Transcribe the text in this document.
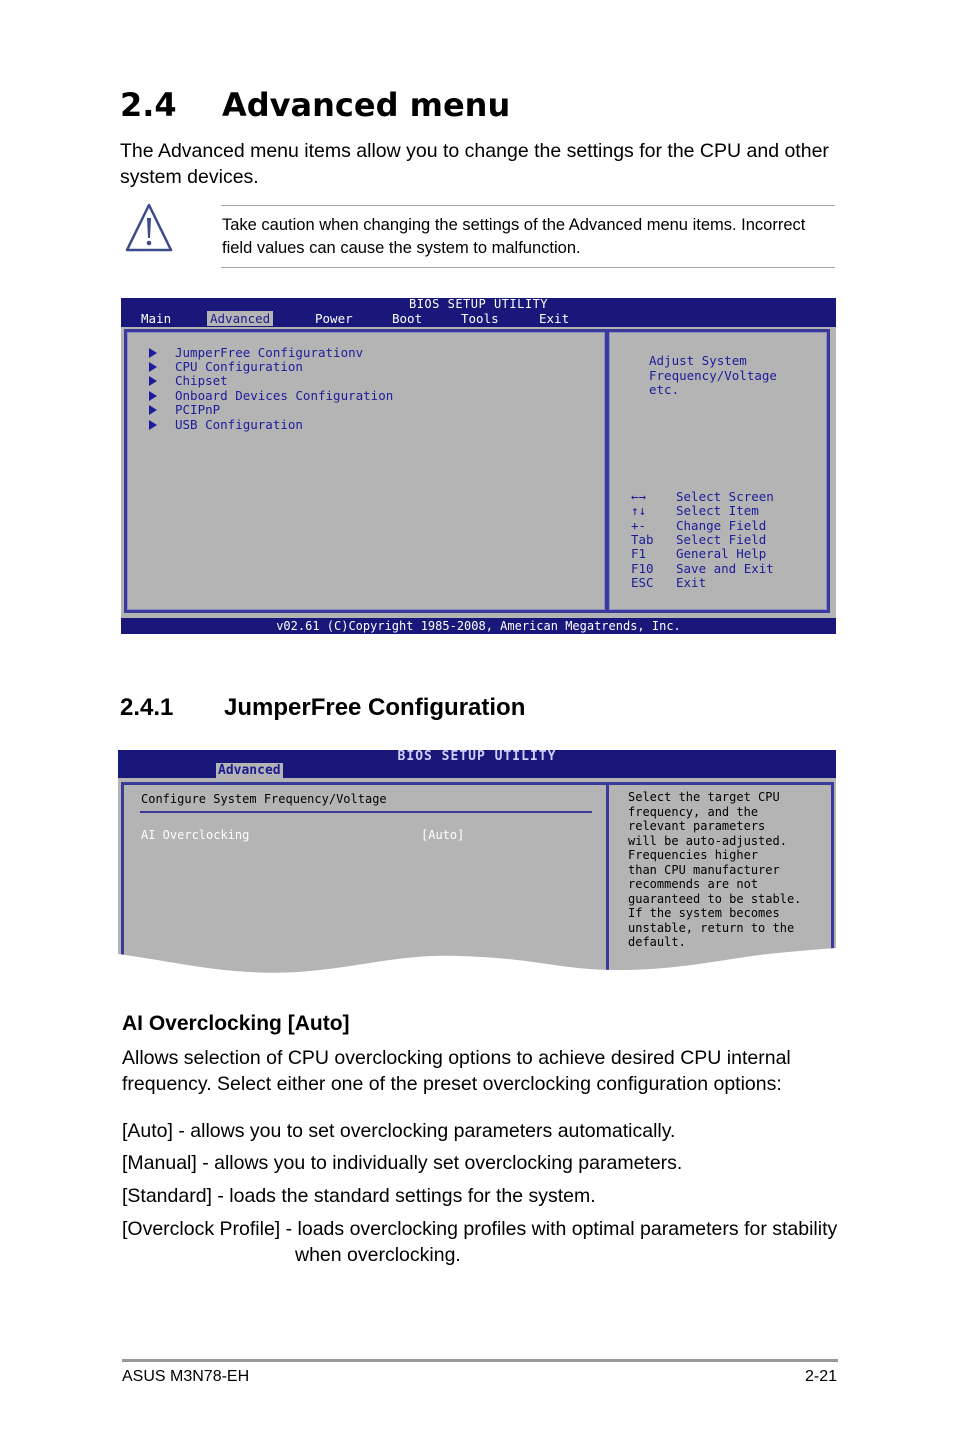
2.4 Advanced menu
The Advanced menu items allow you to change the settings for the CPU and other system devices.
Take caution when changing the settings of the Advanced menu items. Incorrect
field values can cause the system to malfunction.
BIOS SETUP UTILITY
Main	Advanced	Power	Boot	Tools	Exit
JumperFree Configurationv
CPU Configuration
Chipset
Onboard Devices Configuration
PCIPnP
USB Configuration
Adjust System
Frequency/Voltage
etc.
←→	Select Screen
↑↓	Select Item
+- Change Field
Tab Select Field
F1 General Help
F10 Save and Exit
ESC Exit
v02.61 (C)Copyright 1985-2008, American Megatrends, Inc.
2.4.1 JumperFree Configuration
BIOS SETUP UTILITY
Advanced
Configure System Frequency/Voltage
AI Overclocking	[Auto]
Select the target CPU
frequency, and the
relevant parameters
will be auto-adjusted.
Frequencies higher
than CPU manufacturer
recommends are not
guaranteed to be stable.
If the system becomes
unstable, return to the
default.
AI Overclocking [Auto]
Allows selection of CPU overclocking options to achieve desired CPU internal
frequency. Select either one of the preset overclocking configuration options:
[Auto] - allows you to set overclocking parameters automatically.
[Manual] - allows you to individually set overclocking parameters.
[Standard] - loads the standard settings for the system.
[Overclock Profile] - loads overclocking profiles with optimal parameters for stability
when overclocking.
ASUS M3N78-EH	2-21
